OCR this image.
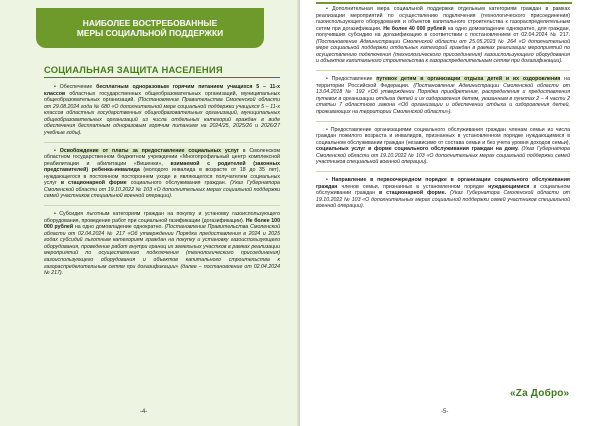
НАИБОЛЕЕ ВОСТРЕБОВАННЫЕ
МЕРЫ СОЦИАЛЬНОЙ ПОДДЕРЖКИ
СОЦИАЛЬНАЯ ЗАЩИТА НАСЕЛЕНИЯ

• Обеспечение бесплатным одноразовым горячим питанием учащихся 5 – 11-х классов областных государственных общеобразовательных организаций, муниципальных общеобразовательных организаций. (Постановление Правительства Смоленской области от 29.08.2024 года № 680 «О дополнительной мере социальной поддержки учащихся 5 – 11-х классов областных государственных общеобразовательных организаций, муниципальных общеобразовательных организаций из числа отдельных категорий граждан в виде обеспечения бесплатным одноразовым горячим питанием на 2024/25, 2025/26 и 2026/27 учебные годы).

• Освобождение от платы за предоставление социальных услуг в Смоленском областном государственном бюджетном учреждении «Многопрофильный центр комплексной реабилитации и абилитации «Вишенки», взимаемой с родителей (законных представителей) ребенка-инвалида (молодого инвалида в возрасте от 18 до 35 лет), нуждающегося в постоянном постороннем уходе и являющегося получателем социальных услуг в стационарной форме социального обслуживания граждан. (Указ Губернатора Смоленской области от 19.10.2022 № 103 «О дополнительных мерах социальной поддержки семей участников специальной военной операции).

• Субсидия льготным категориям граждан на покупку и установку газоиспользующего оборудования, проведение работ при социальной газификации (догазификации). Не более 100 000 рублей на одно домовладение однократно. (Постановление Правительства Смоленской области от 02.04.2024 № 217 «Об утверждении Порядка предоставления в 2024 и 2025 годах субсидий льготным категориям граждан на покупку и установку газоиспользующего оборудования, проведение работ внутри границ их земельных участков в рамках реализации мероприятий по осуществлению подключения (технологического присоединения) газоиспользующего оборудования и объектов капитального строительства к газораспределительным сетям при догазификации» (далее – постановление от 02.04.2024 № 217).

-4-

• Дополнительная мера социальной поддержки отдельным категориям граждан в рамках реализации мероприятий по осуществлению подключения (технологического присоединения) газоиспользующего оборудования и объектов капитального строительства к газораспределительным сетям при догазификации. Не более 40 000 рублей на одно домовладение однократно, для граждан, получивших субсидию на догазификацию в соответствии с постановлением от 02.04.2024 № 217. (Постановление Администрации Смоленской области от 25.05.2023 № 264 «О дополнительной мере социальной поддержки отдельных категорий граждан в рамках реализации мероприятий по осуществлению подключения (технологического присоединения) газоиспользующего оборудования и объектов капитального строительства к газораспределительным сетям при догазификации).

• Предоставление путевок детям в организации отдыха детей и их оздоровления на территории Российской Федерации. (Постановление Администрации Смоленской области от 13.04.2018 № 192 «Об утверждении Порядка приобретения, распределения и предоставления путевок в организации отдыха детей и их оздоровления детям, указанным в пунктах 2 – 4 части 2 статьи 7 областного закона «Об организации и обеспечении отдыха и оздоровления детей, проживающих на территории Смоленской области»).

• Предоставление организациями социального обслуживания граждан членам семьи из числа граждан пожилого возраста и инвалидов, признанных в установленном порядке нуждающимися в социальном обслуживании граждан (независимо от состава семьи и без учета уровня доходов семьи), социальных услуг в форме социального обслуживания граждан на дому. (Указ Губернатора Смоленской области от 19.10.2022 № 103 «О дополнительных мерах социальной поддержки семей участников специальной военной операции).

• Направление в первоочередном порядке в организации социального обслуживания граждан членов семьи, признанных в установленном порядке нуждающимися в социальном обслуживании граждан в стационарной форме. (Указ Губернатора Смоленской области от 19.10.2022 № 103 «О дополнительных мерах социальной поддержки семей участников специальной военной операции).

«Za Добро»
-5-
